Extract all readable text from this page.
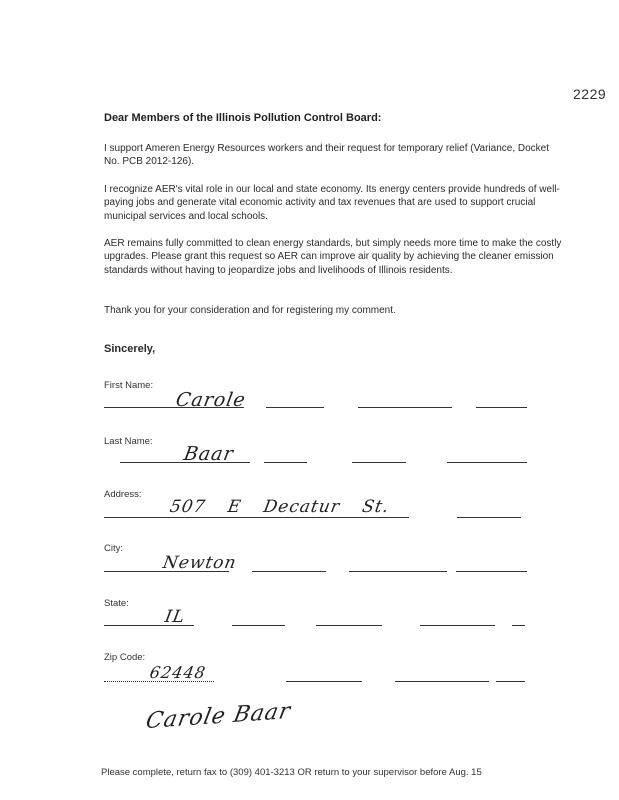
2229
Dear Members of the Illinois Pollution Control Board:

I support Ameren Energy Resources workers and their request for temporary relief (Variance, Docket No. PCB 2012-126).

I recognize AER's vital role in our local and state economy. Its energy centers provide hundreds of well-paying jobs and generate vital economic activity and tax revenues that are used to support crucial municipal services and local schools.

AER remains fully committed to clean energy standards, but simply needs more time to make the costly upgrades. Please grant this request so AER can improve air quality by achieving the cleaner emission standards without having to jeopardize jobs and livelihoods of Illinois residents.

Thank you for your consideration and for registering my comment.

Sincerely,
First Name:
Carole
Last Name:
Baar
Address:
507 E Decatur St.
City:
Newton
State:
IL
Zip Code:
62448
Carole Baar
Please complete, return fax to (309) 401-3213 OR return to your supervisor before Aug. 15
